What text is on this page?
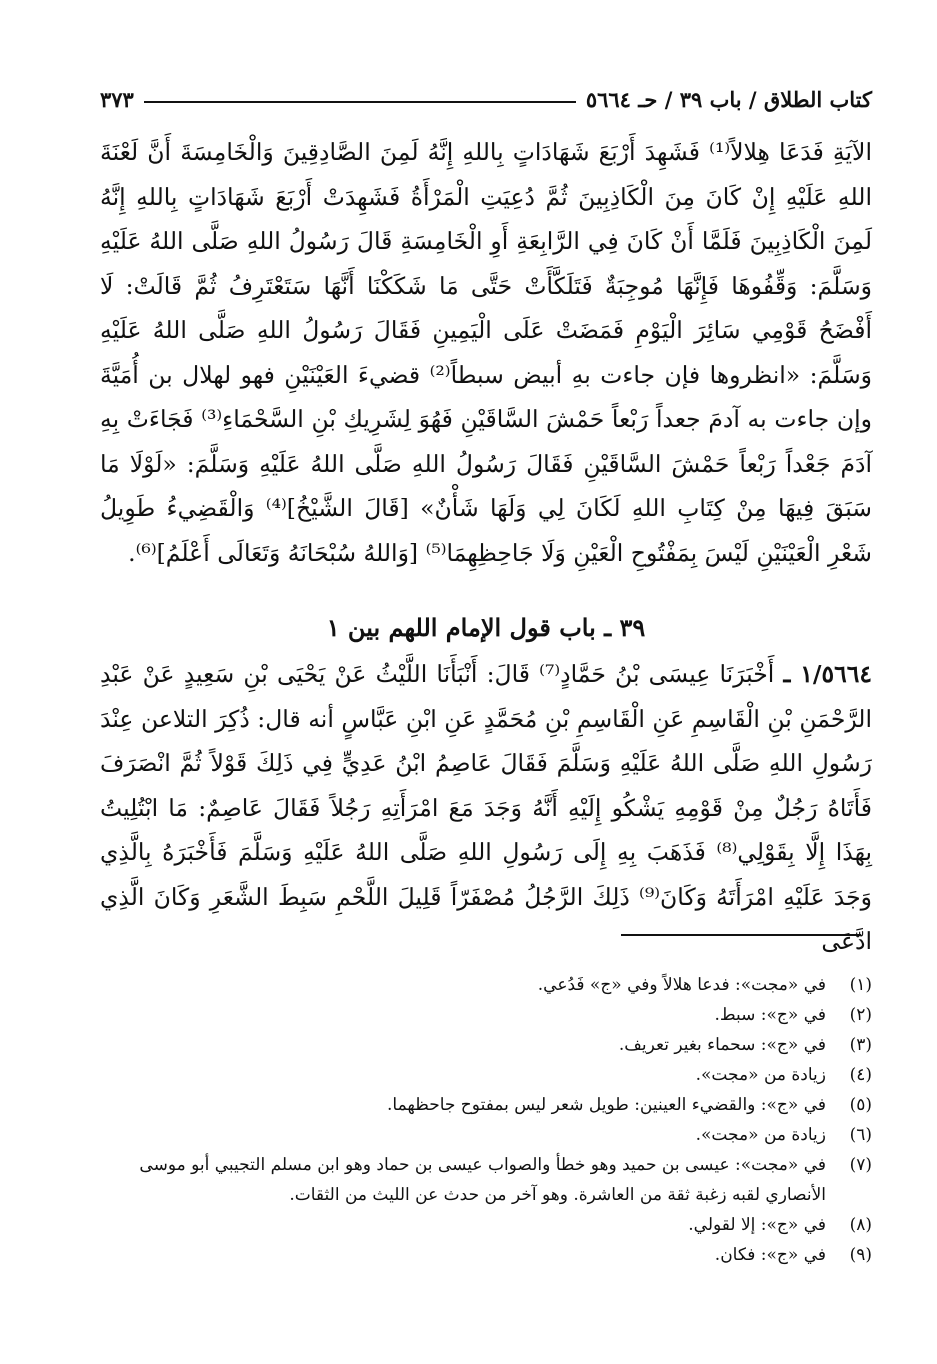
كتاب الطلاق / باب ٣٩ / حـ ٥٦٦٤
٣٧٣

الآيَةِ فَدَعَا هِلالاً⁽¹⁾ فَشَهِدَ أَرْبَعَ شَهَادَاتٍ بِاللهِ إِنَّهُ لَمِنَ الصَّادِقِينَ وَالْخَامِسَةَ أَنَّ لَعْنَةَ اللهِ عَلَيْهِ إِنْ كَانَ مِنَ الْكَاذِبِينَ ثُمَّ دُعِيَتِ الْمَرْأَةُ فَشَهِدَتْ أَرْبَعَ شَهَادَاتٍ بِاللهِ إِنَّهُ لَمِنَ الْكَاذِبِينَ فَلَمَّا أَنْ كَانَ فِي الرَّابِعَةِ أَوِ الْخَامِسَةِ قَالَ رَسُولُ اللهِ صَلَّى اللهُ عَلَيْهِ وَسَلَّمَ: وَقِّفُوهَا فَإِنَّهَا مُوجِبَةٌ فَتَلَكَّأَتْ حَتَّى مَا شَكَكْنَا أَنَّهَا سَتَعْتَرِفُ ثُمَّ قَالَتْ: لَا أَفْضَحُ قَوْمِي سَائِرَ الْيَوْمِ فَمَضَتْ عَلَى الْيَمِينِ فَقَالَ رَسُولُ اللهِ صَلَّى اللهُ عَلَيْهِ وَسَلَّمَ: «انظروها فإن جاءت بهِ أبيض سبطاً⁽²⁾ قضيءَ العَيْنَيْنِ فهو لهلال بن أُمَيَّةَ وإن جاءت به آدمَ جعداً رَبْعاً حَمْشَ السَّاقَيْنِ فَهُوَ لِشَرِيكِ بْنِ السَّحْمَاءِ⁽³⁾ فَجَاءَتْ بِهِ آدَمَ جَعْداً رَبْعاً حَمْشَ السَّاقَيْنِ فَقَالَ رَسُولُ اللهِ صَلَّى اللهُ عَلَيْهِ وَسَلَّمَ: «لَوْلَا مَا سَبَقَ فِيهَا مِنْ كِتَابِ اللهِ لَكَانَ لِي وَلَهَا شَأْنٌ» [قَالَ الشَّيْخُ]⁽⁴⁾ وَالْقَضِيءُ طَوِيلُ شَعْرِ الْعَيْنَيْنِ لَيْسَ بِمَفْتُوحِ الْعَيْنِ وَلَا جَاحِظِهِمَا⁽⁵⁾ [وَاللهُ سُبْحَانَهُ وَتَعَالَى أَعْلَمُ]⁽⁶⁾.

٣٩ ـ باب قول الإمام اللهم بين ١
١/٥٦٦٤ ـ أَخْبَرَنَا عِيسَى بْنُ حَمَّادٍ⁽⁷⁾ قَالَ: أَنْبَأَنَا اللَّيْثُ عَنْ يَحْيَى بْنِ سَعِيدٍ عَنْ عَبْدِ الرَّحْمَنِ بْنِ الْقَاسِمِ عَنِ الْقَاسِمِ بْنِ مُحَمَّدٍ عَنِ ابْنِ عَبَّاسٍ أنه قال: ذُكِرَ التلاعن عِنْدَ رَسُولِ اللهِ صَلَّى اللهُ عَلَيْهِ وَسَلَّمَ فَقَالَ عَاصِمُ ابْنُ عَدِيٍّ فِي ذَلِكَ قَوْلاً ثُمَّ انْصَرَفَ فَأَتَاهُ رَجُلٌ مِنْ قَوْمِهِ يَشْكُو إِلَيْهِ أَنَّهُ وَجَدَ مَعَ امْرَأَتِهِ رَجُلاً فَقَالَ عَاصِمٌ: مَا ابْتُلِيتُ بِهَذَا إِلَّا بِقَوْلِي⁽⁸⁾ فَذَهَبَ بِهِ إِلَى رَسُولِ اللهِ صَلَّى اللهُ عَلَيْهِ وَسَلَّمَ فَأَخْبَرَهُ بِالَّذِي وَجَدَ عَلَيْهِ امْرَأَتَهُ وَكَانَ⁽⁹⁾ ذَلِكَ الرَّجُلُ مُصْفَرّاً قَلِيلَ اللَّحْمِ سَبِطَ الشَّعَرِ وَكَانَ الَّذِي ادَّعَى
(١)
في «مجت»: فدعا هلالاً وفي «ج» فَدُعي.
(٢)
في «ج»: سبط.
(٣)
في «ج»: سحماء بغير تعريف.
(٤)
زيادة من «مجت».
(٥)
في «ج»: والقضيء العينين: طويل شعر ليس بمفتوح جاحظهما.
(٦)
زيادة من «مجت».
(٧)
في «مجت»: عيسى بن حميد وهو خطأ والصواب عيسى بن حماد وهو ابن مسلم التجيبي أبو موسى الأنصاري لقبه زغبة ثقة من العاشرة. وهو آخر من حدث عن الليث من الثقات.
(٨)
في «ج»: إلا لقولي.
(٩)
في «ج»: فكان.
